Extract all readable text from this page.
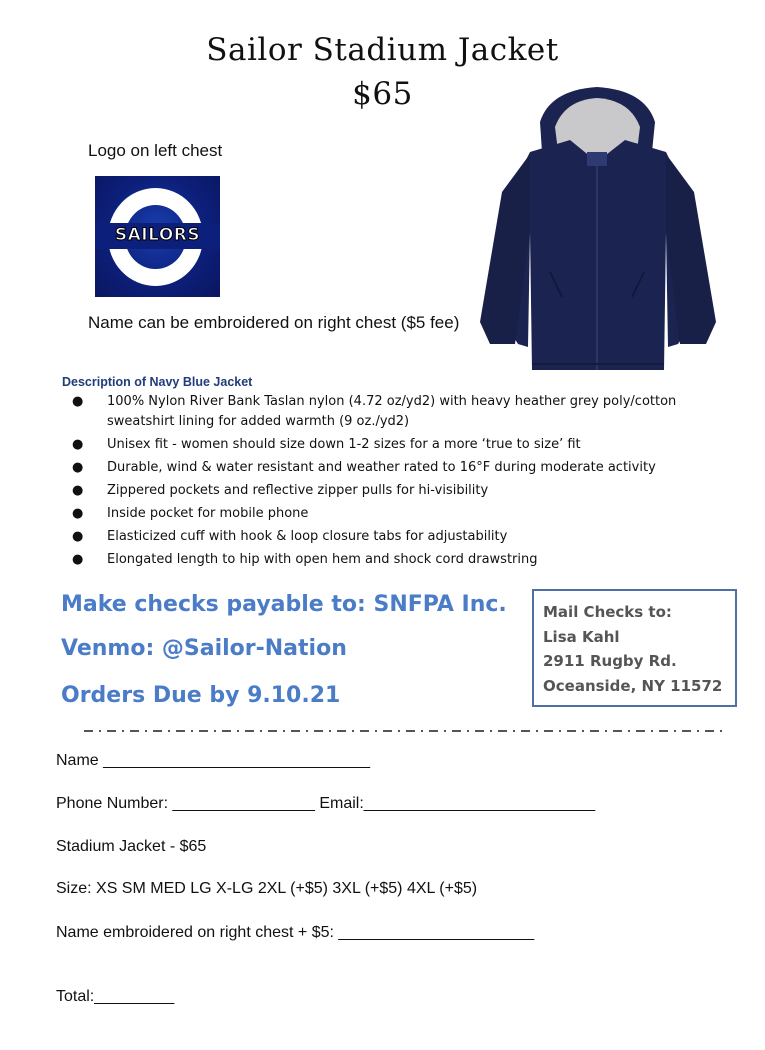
Sailor Stadium Jacket
$65
Logo on left chest
SAILORS
Name can be embroidered on right chest ($5 fee)
Description of Navy Blue Jacket
● 100% Nylon River Bank Taslan nylon (4.72 oz/yd2) with heavy heather grey poly/cotton
sweatshirt lining for added warmth (9 oz./yd2)
● Unisex fit - women should size down 1-2 sizes for a more ‘true to size’ fit
● Durable, wind & water resistant and weather rated to 16°F during moderate activity
● Zippered pockets and reflective zipper pulls for hi-visibility
● Inside pocket for mobile phone
● Elasticized cuff with hook & loop closure tabs for adjustability
● Elongated length to hip with open hem and shock cord drawstring
Make checks payable to: SNFPA Inc.
Venmo: @Sailor-Nation
Orders Due by 9.10.21
Mail Checks to:
Lisa Kahl
2911 Rugby Rd.
Oceanside, NY 11572
Name ______________________________
Phone Number: ________________ Email:__________________________
Stadium Jacket - $65
Size: XS SM MED LG X-LG 2XL (+$5) 3XL (+$5) 4XL (+$5)
Name embroidered on right chest + $5: ______________________
Total:_________
